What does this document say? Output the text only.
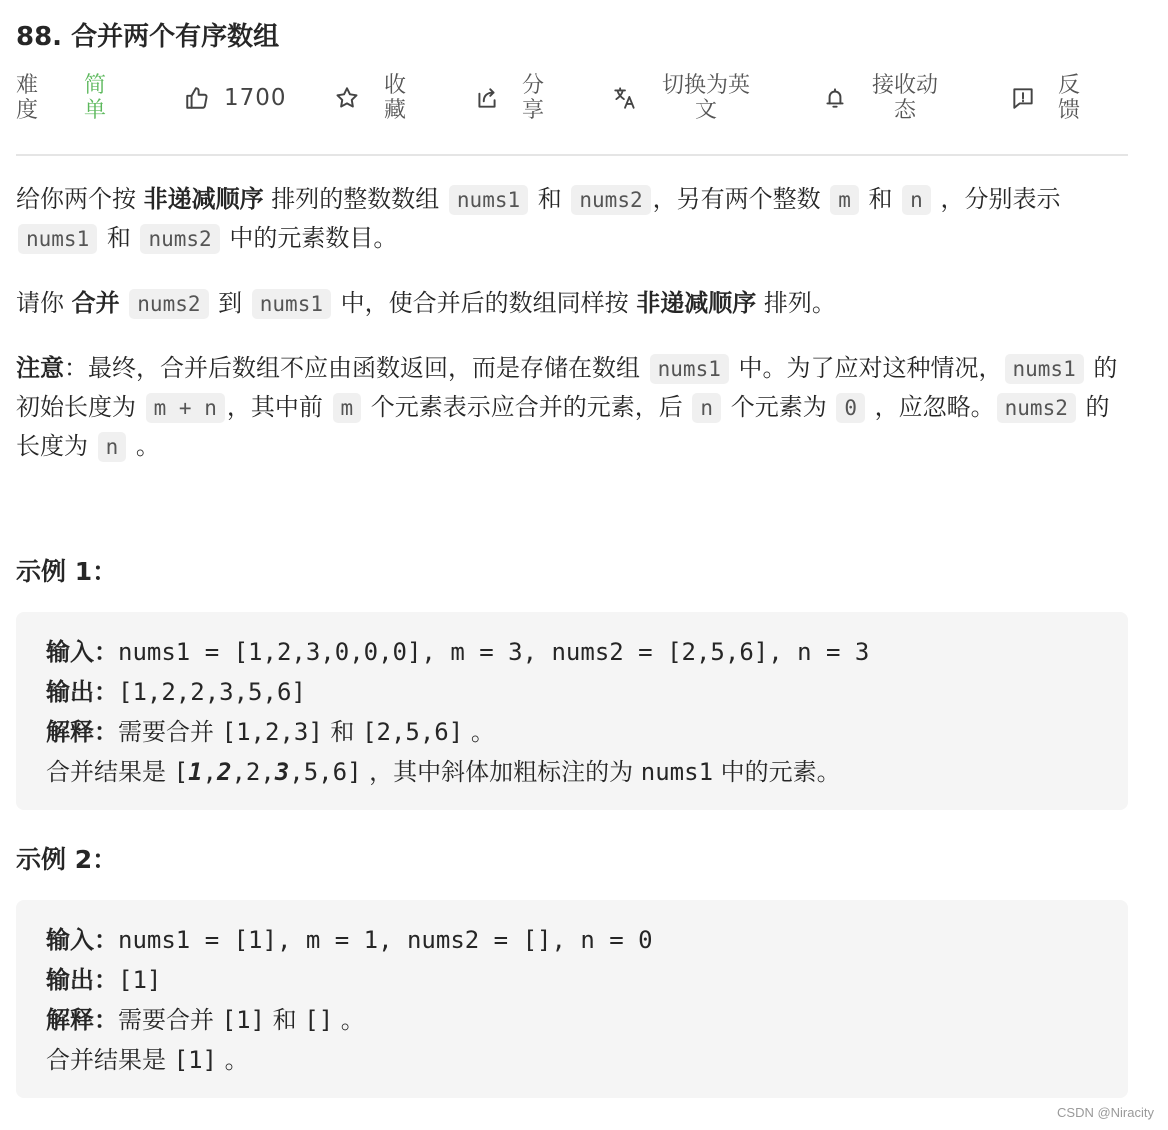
88. 合并两个有序数组
难
度
简
单	1700	收
藏
分
享
切换为英
文
接收动
态
反
馈

给你两个按 非递减顺序 排列的整数数组 nums1 和 nums2 ，另有两个整数 m 和 n ，分别表示 nums1 和 nums2 中的元素数目。

请你 合并 nums2 到 nums1 中，使合并后的数组同样按 非递减顺序 排列。

注意：最终，合并后数组不应由函数返回，而是存储在数组 nums1 中。为了应对这种情况， nums1 的初始长度为 m + n ，其中前 m 个元素表示应合并的元素，后 n 个元素为 0 ，应忽略。 nums2 的长度为 n 。

示例 1：
输入：nums1 = [1,2,3,0,0,0], m = 3, nums2 = [2,5,6], n = 3
输出：[1,2,2,3,5,6]
解释：需要合并 [1,2,3] 和 [2,5,6] 。
合并结果是 [1,2,2,3,5,6] ，其中斜体加粗标注的为 nums1 中的元素。
示例 2：
输入：nums1 = [1], m = 1, nums2 = [], n = 0
输出：[1]
解释：需要合并 [1] 和 [] 。
合并结果是 [1] 。
CSDN @Niracity
